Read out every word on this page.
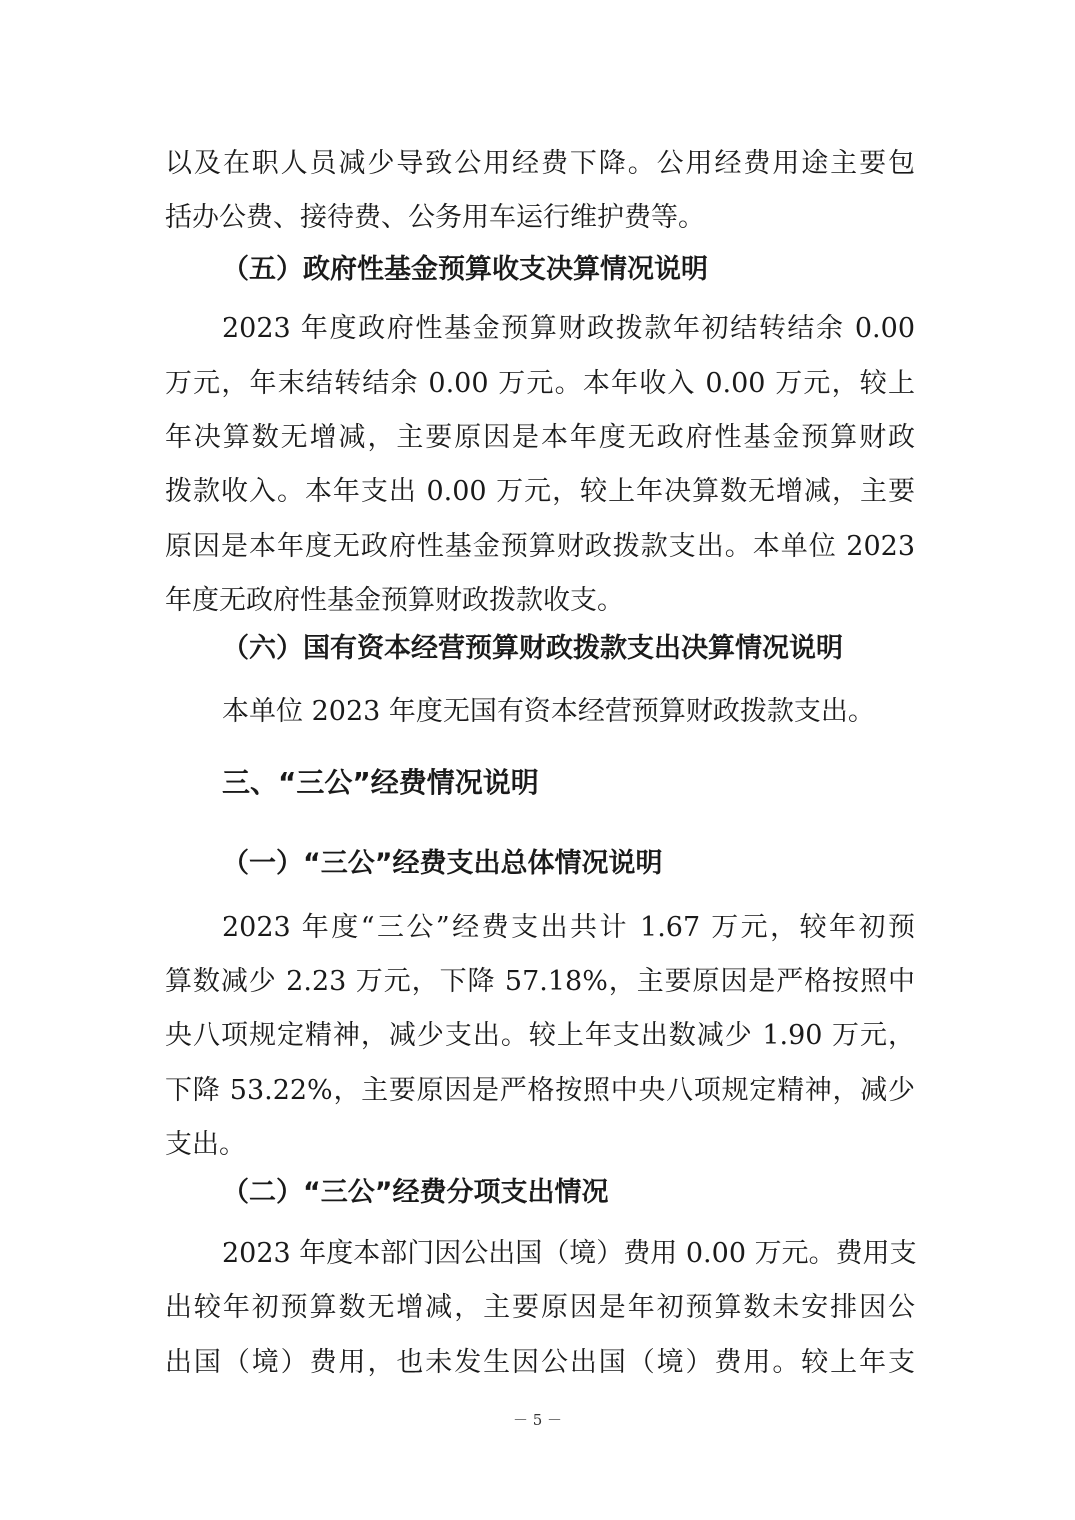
以及在职人员减少导致公用经费下降。公用经费用途主要包
括办公费、接待费、公务用车运行维护费等。
（五）政府性基金预算收支决算情况说明
2023 年度政府性基金预算财政拨款年初结转结余 0.00
万元，年末结转结余 0.00 万元。本年收入 0.00 万元，较上
年决算数无增减，主要原因是本年度无政府性基金预算财政
拨款收入。本年支出 0.00 万元，较上年决算数无增减，主要
原因是本年度无政府性基金预算财政拨款支出。本单位 2023
年度无政府性基金预算财政拨款收支。
（六）国有资本经营预算财政拨款支出决算情况说明
本单位 2023 年度无国有资本经营预算财政拨款支出。
三、“三公”经费情况说明
（一）“三公”经费支出总体情况说明
2023 年度“三公”经费支出共计 1.67 万元，较年初预
算数减少 2.23 万元，下降 57.18%，主要原因是严格按照中
央八项规定精神，减少支出。较上年支出数减少 1.90 万元，
下降 53.22%，主要原因是严格按照中央八项规定精神，减少
支出。
（二）“三公”经费分项支出情况
2023 年度本部门因公出国（境）费用 0.00 万元。费用支
出较年初预算数无增减，主要原因是年初预算数未安排因公
出国（境）费用，也未发生因公出国（境）费用。较上年支
－ 5 －
